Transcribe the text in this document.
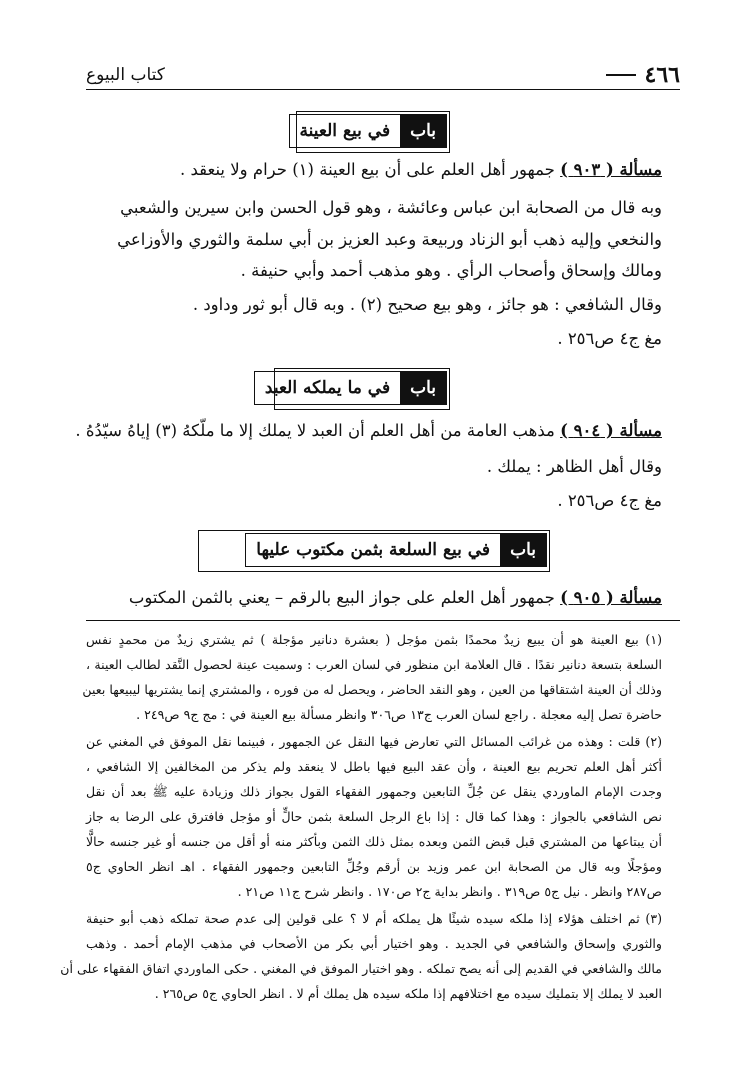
٤٦٦
كتاب البيوع
باب
في بيع العينة
مسألة ( ٩٠٣ ) جمهور أهل العلم على أن بيع العينة (١) حرام ولا ينعقد .
وبه قال من الصحابة ابن عباس وعائشة ، وهو قول الحسن وابن سيرين والشعبي
والنخعي وإليه ذهب أبو الزناد وربيعة وعبد العزيز بن أبي سلمة والثوري والأوزاعي
ومالك وإسحاق وأصحاب الرأي . وهو مذهب أحمد وأبي حنيفة .
وقال الشافعي : هو جائز ، وهو بيع صحيح (٢) . وبه قال أبو ثور وداود .
مغ ج٤ ص٢٥٦ .
باب
في ما يملكه العبد
مسألة ( ٩٠٤ ) مذهب العامة من أهل العلم أن العبد لا يملك إلا ما ملّكهُ (٣) إياهُ سيّدُهُ .
وقال أهل الظاهر : يملك .
مغ ج٤ ص٢٥٦ .
باب
في بيع السلعة بثمن مكتوب عليها
مسألة ( ٩٠٥ ) جمهور أهل العلم على جواز البيع بالرقم – يعني بالثمن المكتوب
(١) بيع العينة هو أن يبيع زيدٌ محمدًا بثمن مؤجل ( بعشرة دنانير مؤجلة ) ثم يشتري زيدٌ من محمدٍ نفس
السلعة بتسعة دنانير نقدًا . قال العلامة ابن منظور في لسان العرب : وسميت عينة لحصول النَّقد لطالب العينة ،
وذلك أن العينة اشتقاقها من العين ، وهو النقد الحاضر ، ويحصل له من فوره ، والمشتري إنما يشتريها ليبيعها بعين
حاضرة تصل إليه معجلة . راجع لسان العرب ج١٣ ص٣٠٦ وانظر مسألة بيع العينة في : مج ج٩ ص٢٤٩ .
(٢) قلت : وهذه من غرائب المسائل التي تعارض فيها النقل عن الجمهور ، فبينما نقل الموفق في المغني عن
أكثر أهل العلم تحريم بيع العينة ، وأن عقد البيع فيها باطل لا ينعقد ولم يذكر من المخالفين إلا الشافعي ،
وجدت الإمام الماوردي ينقل عن جُلِّ التابعين وجمهور الفقهاء القول بجواز ذلك وزيادة عليه ﷺ بعد أن نقل
نص الشافعي بالجواز : وهذا كما قال : إذا باع الرجل السلعة بثمن حالٍّ أو مؤجل فافترق على الرضا به جاز
أن يبتاعها من المشتري قبل قبض الثمن وبعده بمثل ذلك الثمن وبأكثر منه أو أقل من جنسه أو غير جنسه حالًّا
ومؤجلًا وبه قال من الصحابة ابن عمر وزيد بن أرقم وجُلِّ التابعين وجمهور الفقهاء . اهـ انظر الحاوي ج٥
ص٢٨٧ وانظر . نيل ج٥ ص٣١٩ . وانظر بداية ج٢ ص١٧٠ . وانظر شرح ج١١ ص٢١ .
(٣) ثم اختلف هؤلاء إذا ملكه سيده شيئًا هل يملكه أم لا ؟ على قولين إلى عدم صحة تملكه ذهب أبو حنيفة
والثوري وإسحاق والشافعي في الجديد . وهو اختيار أبي بكر من الأصحاب في مذهب الإمام أحمد . وذهب
مالك والشافعي في القديم إلى أنه يصح تملكه . وهو اختيار الموفق في المغني . حكى الماوردي اتفاق الفقهاء على أن
العبد لا يملك إلا بتمليك سيده مع اختلافهم إذا ملكه سيده هل يملك أم لا . انظر الحاوي ج٥ ص٢٦٥ .
